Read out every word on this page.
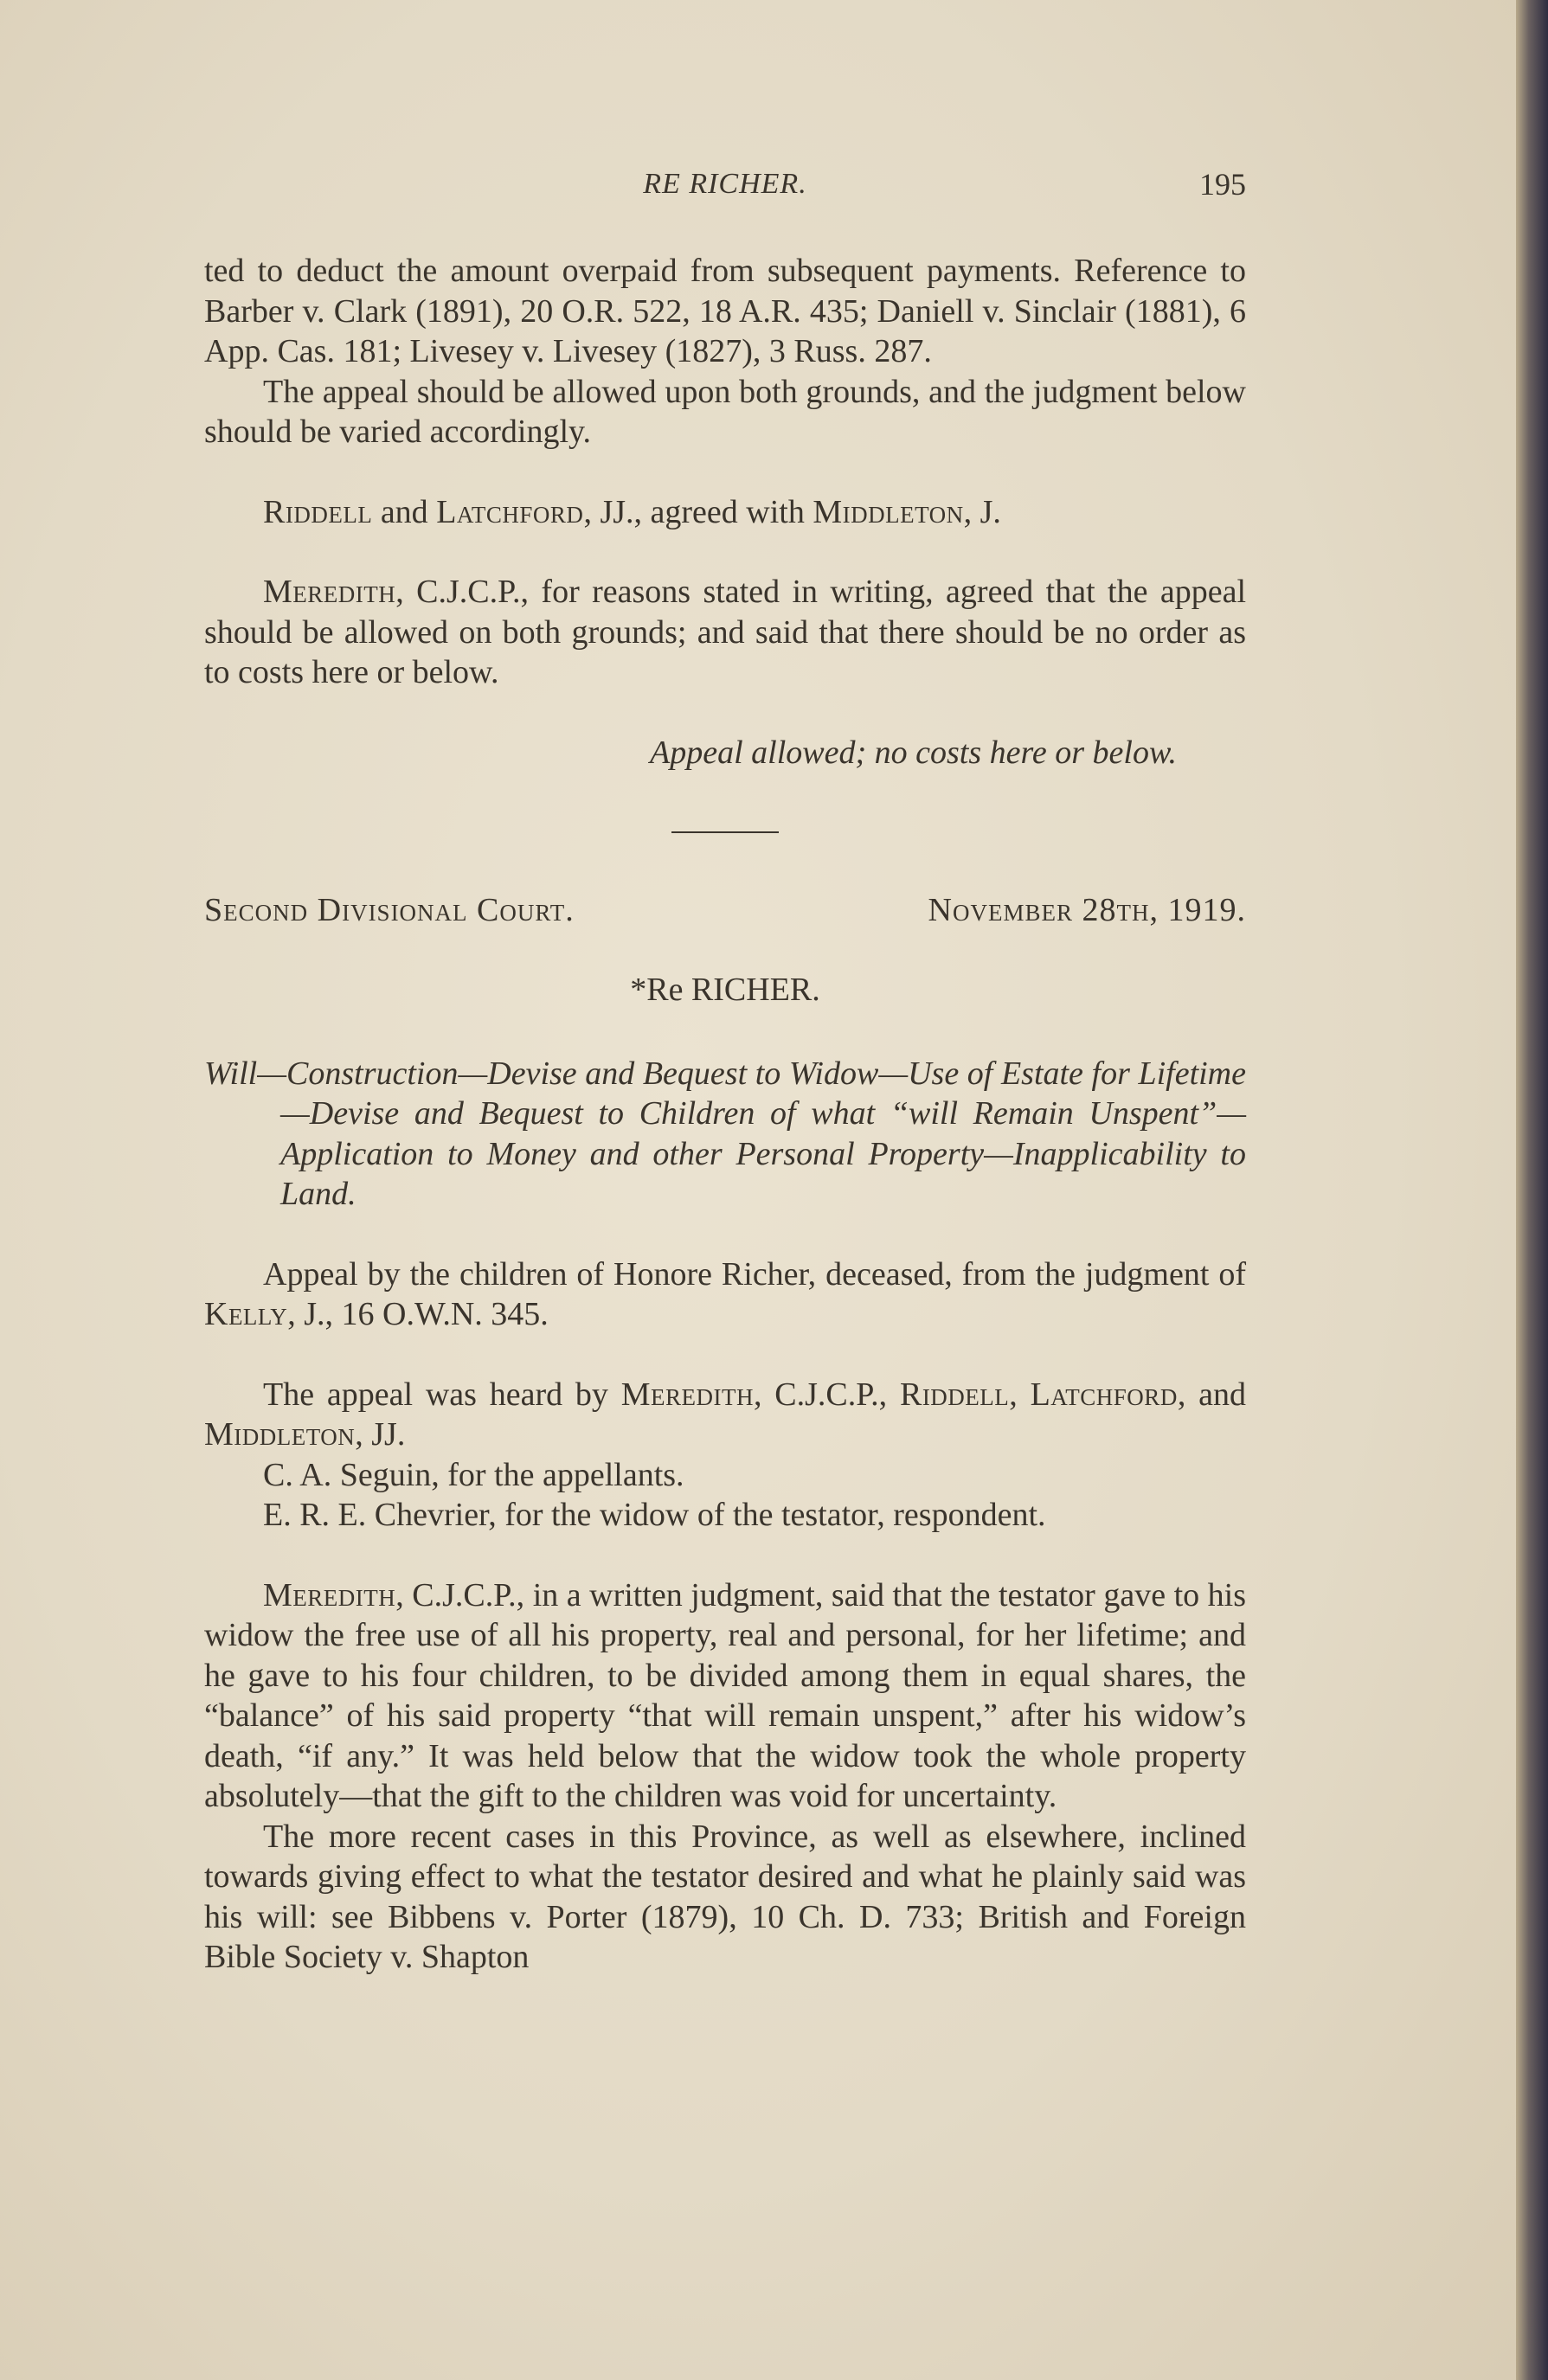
RE RICHER.	195

ted to deduct the amount overpaid from subsequent payments. Reference to Barber v. Clark (1891), 20 O.R. 522, 18 A.R. 435; Daniell v. Sinclair (1881), 6 App. Cas. 181; Livesey v. Livesey (1827), 3 Russ. 287.

The appeal should be allowed upon both grounds, and the judgment below should be varied accordingly.

Riddell and Latchford, JJ., agreed with Middleton, J.

Meredith, C.J.C.P., for reasons stated in writing, agreed that the appeal should be allowed on both grounds; and said that there should be no order as to costs here or below.

Appeal allowed; no costs here or below.

Second Divisional Court.	November 28th, 1919.
*Re RICHER.

Will—Construction—Devise and Bequest to Widow—Use of Estate for Lifetime—Devise and Bequest to Children of what “will Remain Unspent”—Application to Money and other Personal Property—Inapplicability to Land.

Appeal by the children of Honore Richer, deceased, from the judgment of Kelly, J., 16 O.W.N. 345.

The appeal was heard by Meredith, C.J.C.P., Riddell, Latchford, and Middleton, JJ.

C. A. Seguin, for the appellants.

E. R. E. Chevrier, for the widow of the testator, respondent.

Meredith, C.J.C.P., in a written judgment, said that the testator gave to his widow the free use of all his property, real and personal, for her lifetime; and he gave to his four children, to be divided among them in equal shares, the “balance” of his said property “that will remain unspent,” after his widow’s death, “if any.” It was held below that the widow took the whole property absolutely—that the gift to the children was void for uncertainty.

The more recent cases in this Province, as well as elsewhere, inclined towards giving effect to what the testator desired and what he plainly said was his will: see Bibbens v. Porter (1879), 10 Ch. D. 733; British and Foreign Bible Society v. Shapton
